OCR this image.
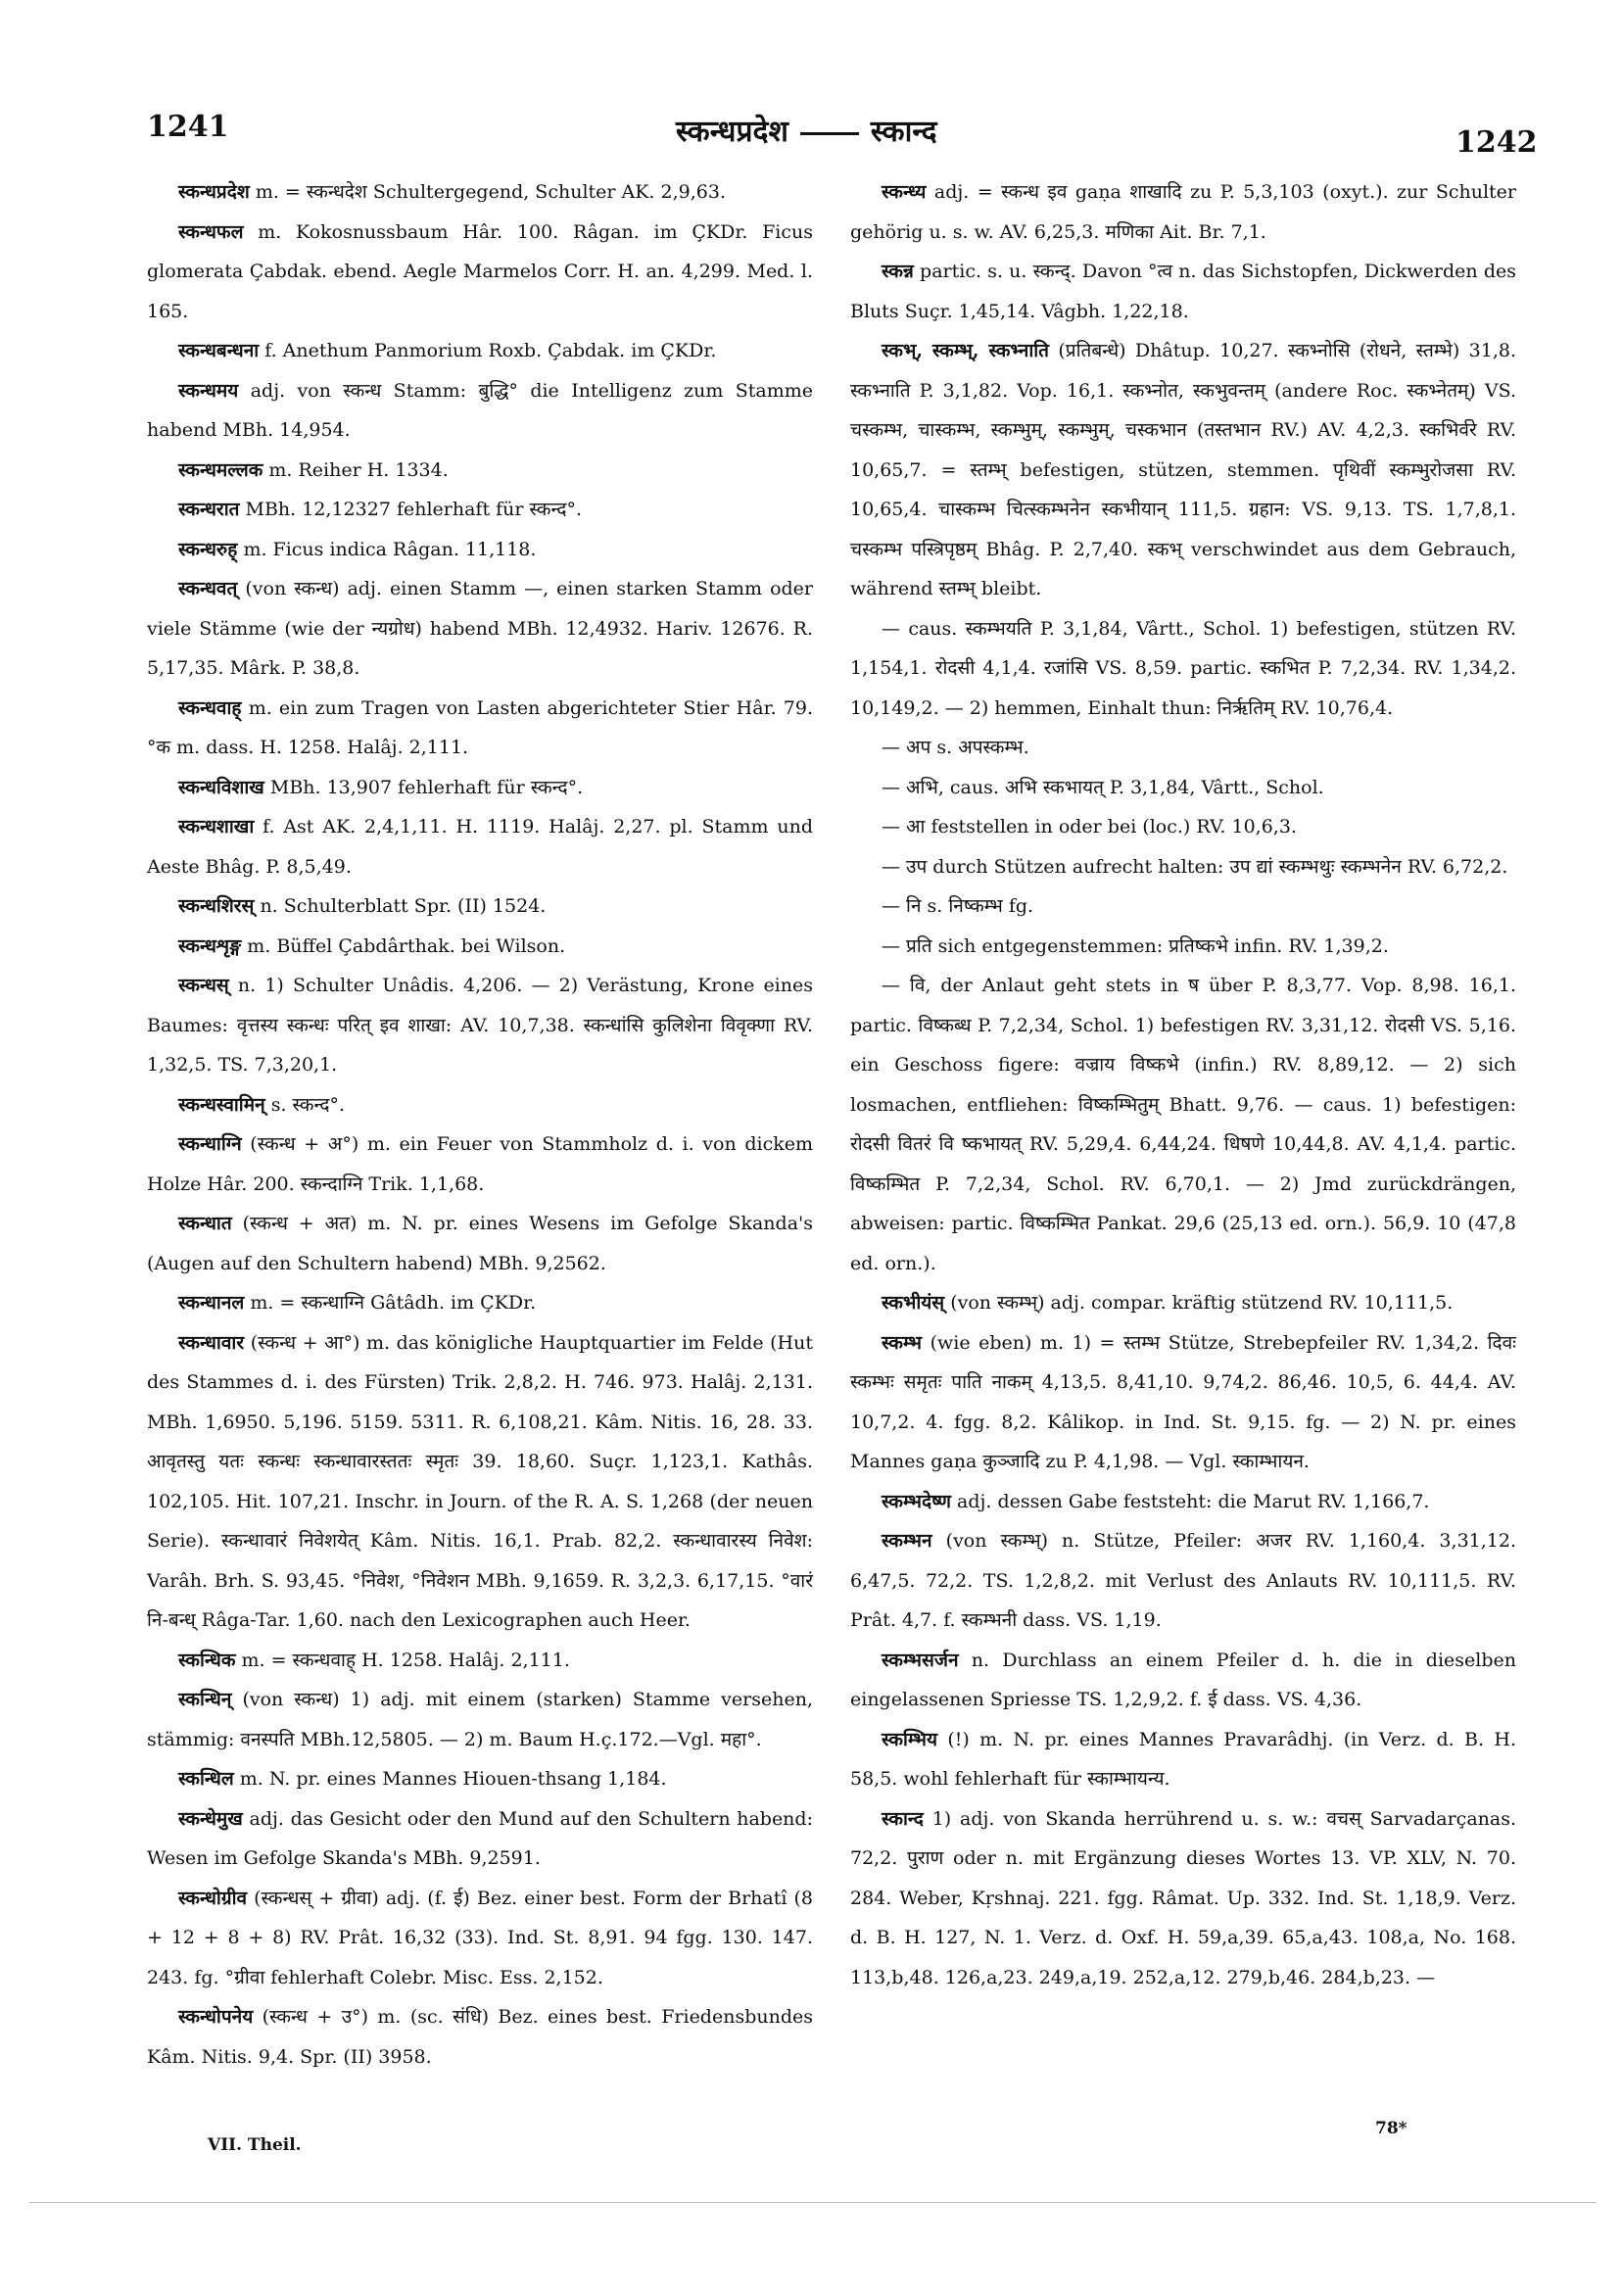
1241	स्कन्धप्रदेश	स्कान्द	1242

स्कन्धप्रदेश m. = स्कन्धदेश Schultergegend, Schulter AK. 2,9,63.

स्कन्धफल m. Kokosnussbaum Hâr. 100. Râgan. im ÇKDr. Ficus glomerata Çabdak. ebend. Aegle Marmelos Corr. H. an. 4,299. Med. l. 165.

स्कन्धबन्धना f. Anethum Panmorium Roxb. Çabdak. im ÇKDr.

स्कन्धमय adj. von स्कन्ध Stamm: बुद्धि° die Intelligenz zum Stamme habend MBh. 14,954.

स्कन्धमल्लक m. Reiher H. 1334.

स्कन्धरात MBh. 12,12327 fehlerhaft für स्कन्द°.

स्कन्धरुह् m. Ficus indica Râgan. 11,118.

स्कन्धवत् (von स्कन्ध) adj. einen Stamm —, einen starken Stamm oder viele Stämme (wie der न्यग्रोध) habend MBh. 12,4932. Hariv. 12676. R. 5,17,35. Mârk. P. 38,8.

स्कन्धवाह् m. ein zum Tragen von Lasten abgerichteter Stier Hâr. 79. °क m. dass. H. 1258. Halâj. 2,111.

स्कन्धविशाख MBh. 13,907 fehlerhaft für स्कन्द°.

स्कन्धशाखा f. Ast AK. 2,4,1,11. H. 1119. Halâj. 2,27. pl. Stamm und Aeste Bhâg. P. 8,5,49.

स्कन्धशिरस् n. Schulterblatt Spr. (II) 1524.

स्कन्धशृङ्ग m. Büffel Çabdârthak. bei Wilson.

स्कन्धस् n. 1) Schulter Unâdis. 4,206. — 2) Verästung, Krone eines Baumes: वृत्तस्य स्कन्धः परित् इव शाखा: AV. 10,7,38. स्कन्धांसि कुलिशेना विवृक्णा RV. 1,32,5. TS. 7,3,20,1.

स्कन्धस्वामिन् s. स्कन्द°.

स्कन्धाग्नि (स्कन्ध + अ°) m. ein Feuer von Stammholz d. i. von dickem Holze Hâr. 200. स्कन्दाग्नि Trik. 1,1,68.

स्कन्धात (स्कन्ध + अत) m. N. pr. eines Wesens im Gefolge Skanda's (Augen auf den Schultern habend) MBh. 9,2562.

स्कन्धानल m. = स्कन्धाग्नि Gâtâdh. im ÇKDr.

स्कन्धावार (स्कन्ध + आ°) m. das königliche Hauptquartier im Felde (Hut des Stammes d. i. des Fürsten) Trik. 2,8,2. H. 746. 973. Halâj. 2,131. MBh. 1,6950. 5,196. 5159. 5311. R. 6,108,21. Kâm. Nitis. 16, 28. 33. आवृतस्तु यतः स्कन्धः स्कन्धावारस्ततः स्मृतः 39. 18,60. Suçr. 1,123,1. Kathâs. 102,105. Hit. 107,21. Inschr. in Journ. of the R. A. S. 1,268 (der neuen Serie). स्कन्धावारं निवेशयेत् Kâm. Nitis. 16,1. Prab. 82,2. स्कन्धावारस्य निवेश: Varâh. Brh. S. 93,45. °निवेश, °निवेशन MBh. 9,1659. R. 3,2,3. 6,17,15. °वारं नि-बन्ध् Râga-Tar. 1,60. nach den Lexicographen auch Heer.

स्कन्धिक m. = स्कन्धवाह् H. 1258. Halâj. 2,111.

स्कन्धिन् (von स्कन्ध) 1) adj. mit einem (starken) Stamme versehen, stämmig: वनस्पति MBh.12,5805. — 2) m. Baum H.ç.172.—Vgl. महा°.

स्कन्धिल m. N. pr. eines Mannes Hiouen-thsang 1,184.

स्कन्धेमुख adj. das Gesicht oder den Mund auf den Schultern habend: Wesen im Gefolge Skanda's MBh. 9,2591.

स्कन्धोग्रीव (स्कन्धस् + ग्रीवा) adj. (f. ई) Bez. einer best. Form der Brhatî (8 + 12 + 8 + 8) RV. Prât. 16,32 (33). Ind. St. 8,91. 94 fgg. 130. 147. 243. fg. °ग्रीवा fehlerhaft Colebr. Misc. Ess. 2,152.

स्कन्धोपनेय (स्कन्ध + उ°) m. (sc. संधि) Bez. eines best. Friedensbundes Kâm. Nitis. 9,4. Spr. (II) 3958.

स्कन्ध्य adj. = स्कन्ध इव gaṇa शाखादि zu P. 5,3,103 (oxyt.). zur Schulter gehörig u. s. w. AV. 6,25,3. मणिका Ait. Br. 7,1.

स्कन्न partic. s. u. स्कन्द्. Davon °त्व n. das Sichstopfen, Dickwerden des Bluts Suçr. 1,45,14. Vâgbh. 1,22,18.

स्कभ्, स्कम्भ्, स्कभ्नाति (प्रतिबन्धे) Dhâtup. 10,27. स्कभ्नोसि (रोधने, स्तम्भे) 31,8. स्कभ्नाति P. 3,1,82. Vop. 16,1. स्कभ्नोत, स्कभुवन्तम् (andere Roc. स्कभ्नेतम्) VS. चस्कम्भ, चास्कम्भ, स्कम्भुम्, स्कम्भुम्, चस्कभान (तस्तभान RV.) AV. 4,2,3. स्कभिर्वरे RV. 10,65,7. = स्तम्भ् befestigen, stützen, stemmen. पृथिवीं स्कम्भुरोजसा RV. 10,65,4. चास्कम्भ चित्स्कम्भनेन स्कभीयान् 111,5. ग्रहान: VS. 9,13. TS. 1,7,8,1. चस्कम्भ पस्त्रिपृष्ठम् Bhâg. P. 2,7,40. स्कभ् verschwindet aus dem Gebrauch, während स्तम्भ् bleibt.

— caus. स्कम्भयति P. 3,1,84, Vârtt., Schol. 1) befestigen, stützen RV. 1,154,1. रोदसी 4,1,4. रजांसि VS. 8,59. partic. स्कभित P. 7,2,34. RV. 1,34,2. 10,149,2. — 2) hemmen, Einhalt thun: निर्ऋतिम् RV. 10,76,4.

— अप s. अपस्कम्भ.

— अभि, caus. अभि स्कभायत् P. 3,1,84, Vârtt., Schol.

— आ feststellen in oder bei (loc.) RV. 10,6,3.

— उप durch Stützen aufrecht halten: उप द्यां स्कम्भथुः स्कम्भनेन RV. 6,72,2.

— नि s. निष्कम्भ fg.

— प्रति sich entgegenstemmen: प्रतिष्कभे infin. RV. 1,39,2.

— वि, der Anlaut geht stets in ष über P. 8,3,77. Vop. 8,98. 16,1. partic. विष्कब्ध P. 7,2,34, Schol. 1) befestigen RV. 3,31,12. रोदसी VS. 5,16. ein Geschoss figere: वज्राय विष्कभे (infin.) RV. 8,89,12. — 2) sich losmachen, entfliehen: विष्कम्भितुम् Bhatt. 9,76. — caus. 1) befestigen: रोदसी वितरं वि ष्कभायत् RV. 5,29,4. 6,44,24. धिषणे 10,44,8. AV. 4,1,4. partic. विष्कम्भित P. 7,2,34, Schol. RV. 6,70,1. — 2) Jmd zurückdrängen, abweisen: partic. विष्कम्भित Pankat. 29,6 (25,13 ed. orn.). 56,9. 10 (47,8 ed. orn.).

स्कभीयंस् (von स्कम्भ्) adj. compar. kräftig stützend RV. 10,111,5.

स्कम्भ (wie eben) m. 1) = स्तम्भ Stütze, Strebepfeiler RV. 1,34,2. दिवः स्कम्भः समृतः पाति नाकम् 4,13,5. 8,41,10. 9,74,2. 86,46. 10,5, 6. 44,4. AV. 10,7,2. 4. fgg. 8,2. Kâlikop. in Ind. St. 9,15. fg. — 2) N. pr. eines Mannes gaṇa कुञ्जादि zu P. 4,1,98. — Vgl. स्काम्भायन.

स्कम्भदेष्ण adj. dessen Gabe feststeht: die Marut RV. 1,166,7.

स्कम्भन (von स्कम्भ्) n. Stütze, Pfeiler: अजर RV. 1,160,4. 3,31,12. 6,47,5. 72,2. TS. 1,2,8,2. mit Verlust des Anlauts RV. 10,111,5. RV. Prât. 4,7. f. स्कम्भनी dass. VS. 1,19.

स्कम्भसर्जन n. Durchlass an einem Pfeiler d. h. die in dieselben eingelassenen Spriesse TS. 1,2,9,2. f. ई dass. VS. 4,36.

स्कम्भिय (!) m. N. pr. eines Mannes Pravarâdhj. (in Verz. d. B. H. 58,5. wohl fehlerhaft für स्काम्भायन्य.

स्कान्द 1) adj. von Skanda herrührend u. s. w.: वचस् Sarvadarçanas. 72,2. पुराण oder n. mit Ergänzung dieses Wortes 13. VP. XLV, N. 70. 284. Weber, Kṛshnaj. 221. fgg. Râmat. Up. 332. Ind. St. 1,18,9. Verz. d. B. H. 127, N. 1. Verz. d. Oxf. H. 59,a,39. 65,a,43. 108,a, No. 168. 113,b,48. 126,a,23. 249,a,19. 252,a,12. 279,b,46. 284,b,23. —

VII. Theil.
78*
